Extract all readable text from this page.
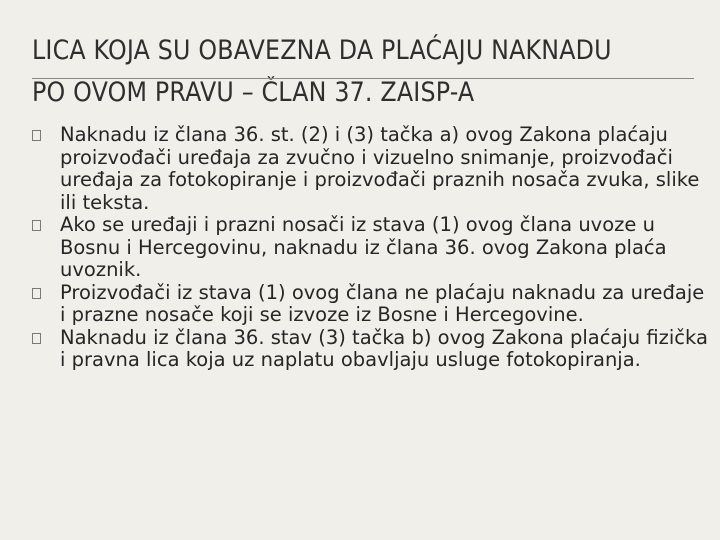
LICA KOJA SU OBAVEZNA DA PLAĆAJU NAKNADU PO OVOM PRAVU – ČLAN 37. ZAISP-A
Naknadu iz člana 36. st. (2) i (3) tačka a) ovog Zakona plaćaju proizvođači uređaja za zvučno i vizuelno snimanje, proizvođači uređaja za fotokopiranje i proizvođači praznih nosača zvuka, slike ili teksta.
Ako se uređaji i prazni nosači iz stava (1) ovog člana uvoze u Bosnu i Hercegovinu, naknadu iz člana 36. ovog Zakona plaća uvoznik.
Proizvođači iz stava (1) ovog člana ne plaćaju naknadu za uređaje i prazne nosače koji se izvoze iz Bosne i Hercegovine.
Naknadu iz člana 36. stav (3) tačka b) ovog Zakona plaćaju fizička i pravna lica koja uz naplatu obavljaju usluge fotokopiranja.
